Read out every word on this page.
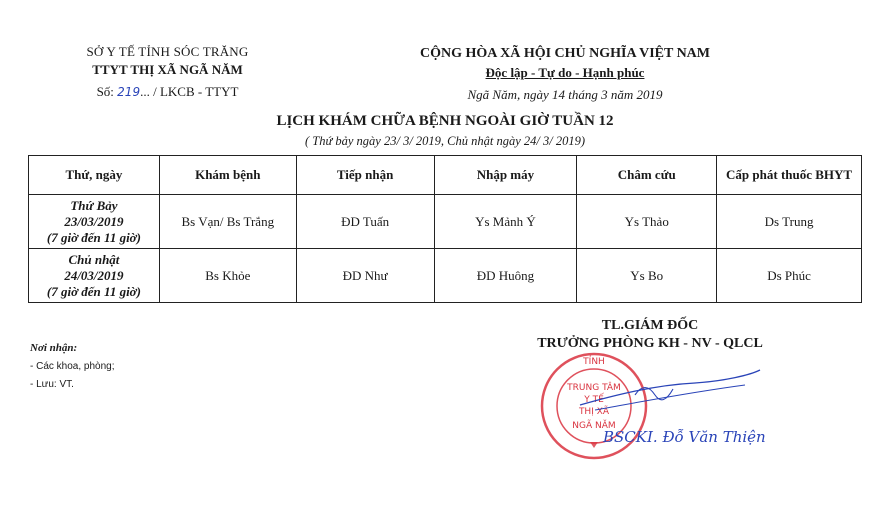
SỞ Y TẾ TỈNH SÓC TRĂNG
TTYT THỊ XÃ NGÃ NĂM
Số: 219... / LKCB - TTYT
CỘNG HÒA XÃ HỘI CHỦ NGHĨA VIỆT NAM
Độc lập - Tự do - Hạnh phúc
Ngã Năm, ngày 14 tháng 3 năm 2019
LỊCH KHÁM CHỮA BỆNH NGOÀI GIỜ TUẦN 12
( Thứ bảy ngày 23/ 3/ 2019, Chủ nhật ngày 24/ 3/ 2019)
Thứ, ngày	Khám bệnh	Tiếp nhận	Nhập máy	Châm cứu	Cấp phát thuốc BHYT

Thứ Bảy
23/03/2019
(7 giờ đến 11 giờ)	Bs Vạn/ Bs Trắng	ĐD Tuấn	Ys Mảnh Ý	Ys Thảo	Ds Trung

Chủ nhật
24/03/2019
(7 giờ đến 11 giờ)	Bs Khỏe	ĐD Như	ĐD Huông	Ys Bo	Ds Phúc
Nơi nhận:
- Các khoa, phòng;
- Lưu: VT.
TL.GIÁM ĐỐC
TRƯỞNG PHÒNG KH - NV - QLCL
TỈNH
TRUNG TÂM
Y TẾ
THỊ XÃ
NGÃ NĂM
BSCKI. Đỗ Văn Thiện
